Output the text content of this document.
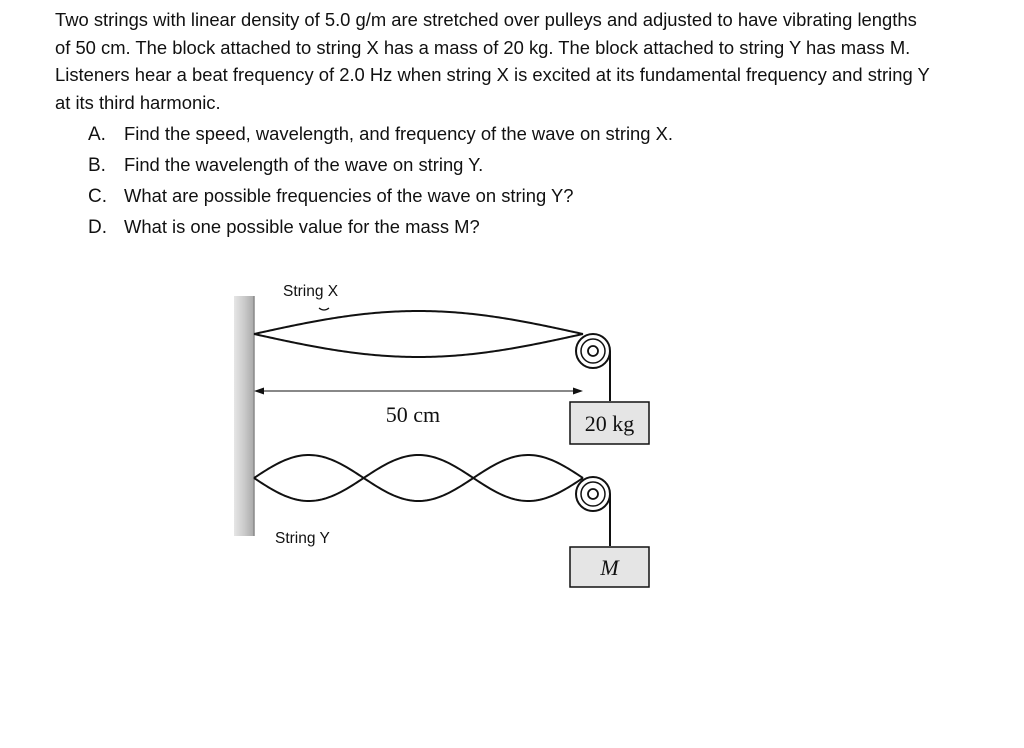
Two strings with linear density of 5.0 g/m are stretched over pulleys and adjusted to have vibrating lengths of 50 cm. The block attached to string X has a mass of 20 kg. The block attached to string Y has mass M. Listeners hear a beat frequency of 2.0 Hz when string X is excited at its fundamental frequency and string Y at its third harmonic.

A. Find the speed, wavelength, and frequency of the wave on string X.
B. Find the wavelength of the wave on string Y.
C. What are possible frequencies of the wave on string Y?
D. What is one possible value for the mass M?
String X
String Y
50 cm	20 kg
M
